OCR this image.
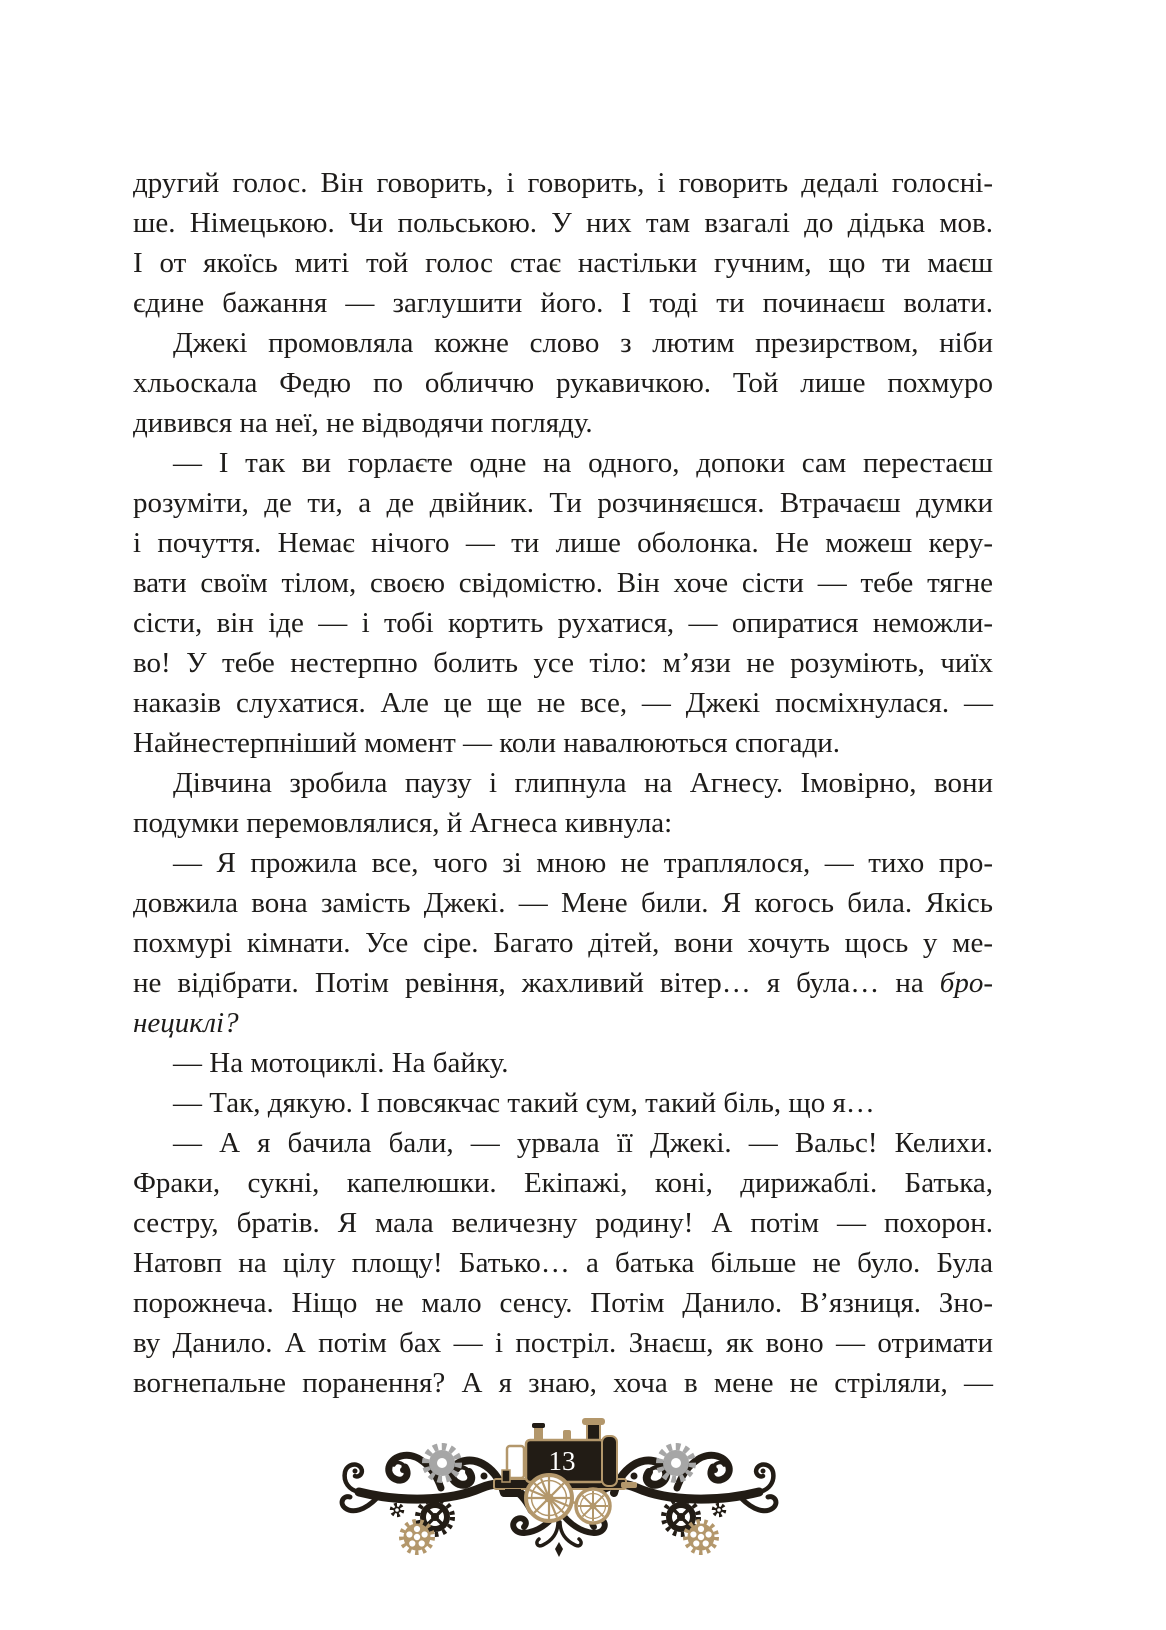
другий голос. Він говорить, і говорить, і говорить дедалі голосні-
ше. Німецькою. Чи польською. У них там взагалі до дідька мов.
І от якоїсь миті той голос стає настільки гучним, що ти маєш
єдине бажання — заглушити його. І тоді ти починаєш волати.
Джекі промовляла кожне слово з лютим презирством, ніби
хльоскала Федю по обличчю рукавичкою. Той лише похмуро
дивився на неї, не відводячи погляду.
— І так ви горлаєте одне на одного, допоки сам перестаєш
розуміти, де ти, а де двійник. Ти розчиняєшся. Втрачаєш думки
і почуття. Немає нічого — ти лише оболонка. Не можеш керу-
вати своїм тілом, своєю свідомістю. Він хоче сісти — тебе тягне
сісти, він іде — і тобі кортить рухатися, — опиратися неможли-
во! У тебе нестерпно болить усе тіло: м’язи не розуміють, чиїх
наказів слухатися. Але це ще не все, — Джекі посміхнулася. —
Найнестерпніший момент — коли навалюються спогади.
Дівчина зробила паузу і глипнула на Агнесу. Імовірно, вони
подумки перемовлялися, й Агнеса кивнула:
— Я прожила все, чого зі мною не траплялося, — тихо про-
довжила вона замість Джекі. — Мене били. Я когось била. Якісь
похмурі кімнати. Усе сіре. Багато дітей, вони хочуть щось у ме-
не відібрати. Потім ревіння, жахливий вітер… я була… на бро-
нециклі?
— На мотоциклі. На байку.
— Так, дякую. І повсякчас такий сум, такий біль, що я…
— А я бачила бали, — урвала її Джекі. — Вальс! Келихи.
Фраки, сукні, капелюшки. Екіпажі, коні, дирижаблі. Батька,
сестру, братів. Я мала величезну родину! А потім — похорон.
Натовп на цілу площу! Батько… а батька більше не було. Була
порожнеча. Ніщо не мало сенсу. Потім Данило. В’язниця. Зно-
ву Данило. А потім бах — і постріл. Знаєш, як воно — отримати
вогнепальне поранення? А я знаю, хоча в мене не стріляли, —
13
